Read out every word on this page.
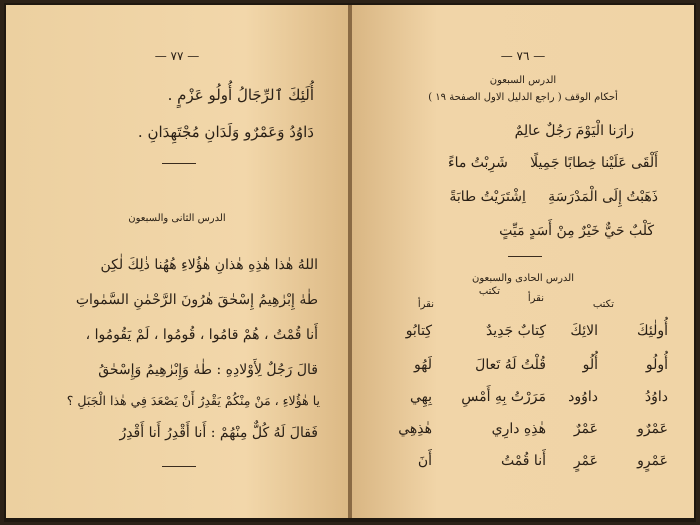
— ٧٧ —
أُلَئِكَ ٱلرِّجَالُ أُولُو عَزْمٍ .
دَاوُدُ وَعَمْرٌو وَلَدَانِ مُجْتَهِدَانِ .
الدرس الثانى والسبعون
اللهُ هٰذا هٰذِهِ هٰذانِ هٰؤُلاءِ هُهُنا ذٰلِكَ لٰكِن
طٰهٰ إِبْرٰهِيمُ إِسْحٰقَ هٰرُونَ الرَّحْمٰنِ السَّمٰواتِ
أَنا قُمْتُ ، هُمْ قامُوا ، قُومُوا ، لَمْ يَقُومُوا ،
قالَ رَجُلٌ لِأَوْلادِهِ : طٰهٰ وَإِبْرٰهِيمُ وَإِسْحٰقُ
يا هٰؤُلاءِ ، مَنْ مِنْكُمْ يَقْدِرُ أَنْ يَصْعَدَ فِي هٰذا الْجَبَلِ ؟
فَقالَ لَهُ كُلٌّ مِنْهُمْ : أَنا أَقْدِرُ أَنا أَقْدِرُ
— ٧٦ —
الدرس السبعون
أحكام الوقف ( راجع الدليل الاول الصفحة ١٩ )
زارَنا الْيَوْمَ رَجُلٌ عالِمٌ
أَلْقَى عَلَيْنا خِطابًا جَمِيلًا     شَرِبْتُ ماءً
ذَهَبْتُ إِلَى الْمَدْرَسَةِ     اِشْتَرَيْتُ طابَةً
كَلْبٌ حَيٌّ خَيْرٌ مِنْ أَسَدٍ مَيِّتٍ
الدرس الحادى والسبعون
تكتب
نقرأ
تكتب
نقرأ
أُولٰئِكَ
الائِكَ
كِتابٌ جَدِيدٌ
كِتابُو
أُولُو
أُلُو
قُلْتُ لَهُ تَعالَ
لَهُو
داوُدُ
داوُود
مَرَرْتُ بِهِ أَمْسِ
بِهِي
عَمْرٌو
عَمْرٌ
هٰذِهِ دارِي
هٰذِهِي
عَمْرٍو
عَمْرٍ
أَنا قُمْتُ
أَنَ
